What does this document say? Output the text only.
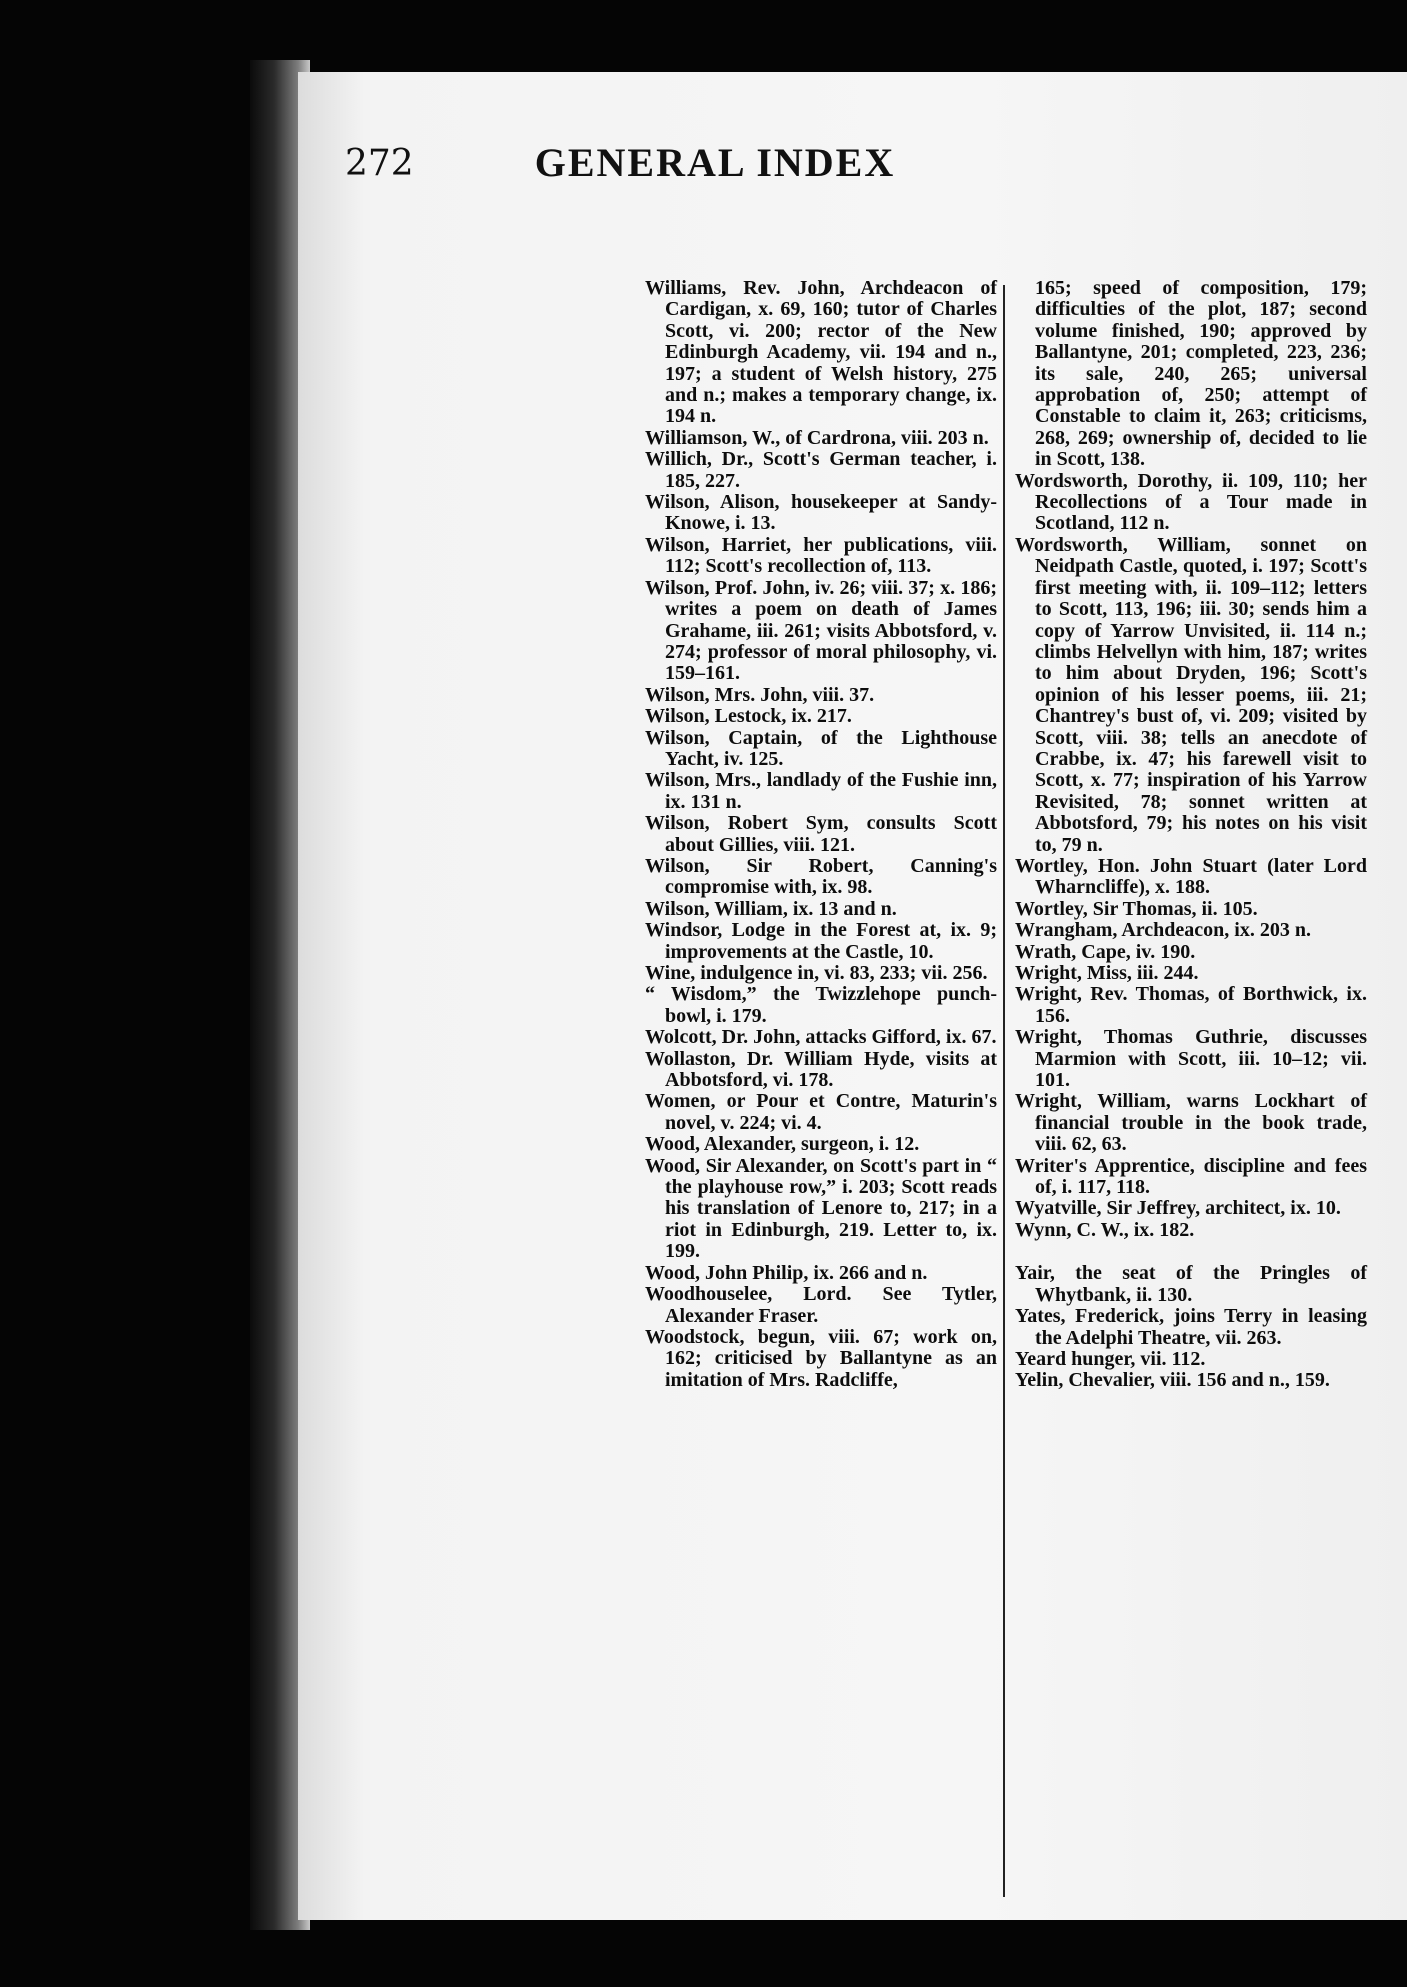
272	GENERAL INDEX

Williams, Rev. John, Archdeacon of Cardigan, x. 69, 160; tutor of Charles Scott, vi. 200; rector of the New Edinburgh Academy, vii. 194 and n., 197; a student of Welsh history, 275 and n.; makes a temporary change, ix. 194 n.

Williamson, W., of Cardrona, viii. 203 n.

Willich, Dr., Scott's German teacher, i. 185, 227.

Wilson, Alison, housekeeper at Sandy-Knowe, i. 13.

Wilson, Harriet, her publications, viii. 112; Scott's recollection of, 113.

Wilson, Prof. John, iv. 26; viii. 37; x. 186; writes a poem on death of James Grahame, iii. 261; visits Abbotsford, v. 274; professor of moral philosophy, vi. 159–161.

Wilson, Mrs. John, viii. 37.

Wilson, Lestock, ix. 217.

Wilson, Captain, of the Lighthouse Yacht, iv. 125.

Wilson, Mrs., landlady of the Fushie inn, ix. 131 n.

Wilson, Robert Sym, consults Scott about Gillies, viii. 121.

Wilson, Sir Robert, Canning's compromise with, ix. 98.

Wilson, William, ix. 13 and n.

Windsor, Lodge in the Forest at, ix. 9; improvements at the Castle, 10.

Wine, indulgence in, vi. 83, 233; vii. 256.

“ Wisdom,” the Twizzlehope punch-bowl, i. 179.

Wolcott, Dr. John, attacks Gifford, ix. 67.

Wollaston, Dr. William Hyde, visits at Abbotsford, vi. 178.

Women, or Pour et Contre, Maturin's novel, v. 224; vi. 4.

Wood, Alexander, surgeon, i. 12.

Wood, Sir Alexander, on Scott's part in “ the playhouse row,” i. 203; Scott reads his translation of Lenore to, 217; in a riot in Edinburgh, 219. Letter to, ix. 199.

Wood, John Philip, ix. 266 and n.

Woodhouselee, Lord. See Tytler, Alexander Fraser.

Woodstock, begun, viii. 67; work on, 162; criticised by Ballantyne as an imitation of Mrs. Radcliffe,

165; speed of composition, 179; difficulties of the plot, 187; second volume finished, 190; approved by Ballantyne, 201; completed, 223, 236; its sale, 240, 265; universal approbation of, 250; attempt of Constable to claim it, 263; criticisms, 268, 269; ownership of, decided to lie in Scott, 138.

Wordsworth, Dorothy, ii. 109, 110; her Recollections of a Tour made in Scotland, 112 n.

Wordsworth, William, sonnet on Neidpath Castle, quoted, i. 197; Scott's first meeting with, ii. 109–112; letters to Scott, 113, 196; iii. 30; sends him a copy of Yarrow Unvisited, ii. 114 n.; climbs Helvellyn with him, 187; writes to him about Dryden, 196; Scott's opinion of his lesser poems, iii. 21; Chantrey's bust of, vi. 209; visited by Scott, viii. 38; tells an anecdote of Crabbe, ix. 47; his farewell visit to Scott, x. 77; inspiration of his Yarrow Revisited, 78; sonnet written at Abbotsford, 79; his notes on his visit to, 79 n.

Wortley, Hon. John Stuart (later Lord Wharncliffe), x. 188.

Wortley, Sir Thomas, ii. 105.

Wrangham, Archdeacon, ix. 203 n.

Wrath, Cape, iv. 190.

Wright, Miss, iii. 244.

Wright, Rev. Thomas, of Borthwick, ix. 156.

Wright, Thomas Guthrie, discusses Marmion with Scott, iii. 10–12; vii. 101.

Wright, William, warns Lockhart of financial trouble in the book trade, viii. 62, 63.

Writer's Apprentice, discipline and fees of, i. 117, 118.

Wyatville, Sir Jeffrey, architect, ix. 10.

Wynn, C. W., ix. 182.

Yair, the seat of the Pringles of Whytbank, ii. 130.

Yates, Frederick, joins Terry in leasing the Adelphi Theatre, vii. 263.

Yeard hunger, vii. 112.

Yelin, Chevalier, viii. 156 and n., 159.
